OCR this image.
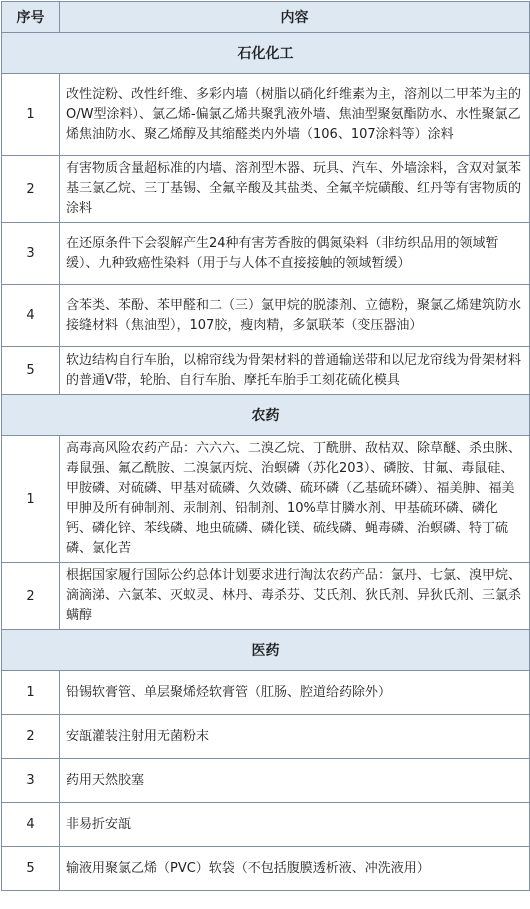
序号	内容
石化化工	
1	改性淀粉、改性纤维、多彩内墙（树脂以硝化纤维素为主，溶剂以二甲苯为主的O/W型涂料）、氯乙烯-偏氯乙烯共聚乳液外墙、焦油型聚氨酯防水、水性聚氯乙烯焦油防水、聚乙烯醇及其缩醛类内外墙（106、107涂料等）涂料
2	有害物质含量超标准的内墙、溶剂型木器、玩具、汽车、外墙涂料，含双对氯苯基三氯乙烷、三丁基锡、全氟辛酸及其盐类、全氟辛烷磺酸、红丹等有害物质的涂料
3	在还原条件下会裂解产生24种有害芳香胺的偶氮染料（非纺织品用的领域暂缓）、九种致癌性染料（用于与人体不直接接触的领域暂缓）
4	含苯类、苯酚、苯甲醛和二（三）氯甲烷的脱漆剂、立德粉，聚氯乙烯建筑防水接缝材料（焦油型），107胶，瘦肉精，多氯联苯（变压器油）
5	软边结构自行车胎，以棉帘线为骨架材料的普通输送带和以尼龙帘线为骨架材料的普通V带，轮胎、自行车胎、摩托车胎手工刻花硫化模具
农药	
1	高毒高风险农药产品：六六六、二溴乙烷、丁酰肼、敌枯双、除草醚、杀虫脒、毒鼠强、氟乙酰胺、二溴氯丙烷、治螟磷（苏化203）、磷胺、甘氟、毒鼠硅、甲胺磷、对硫磷、甲基对硫磷、久效磷、硫环磷（乙基硫环磷）、福美胂、福美甲胂及所有砷制剂、汞制剂、铅制剂、10%草甘膦水剂、甲基硫环磷、磷化钙、磷化锌、苯线磷、地虫硫磷、磷化镁、硫线磷、蝇毒磷、治螟磷、特丁硫磷、氯化苦
2	根据国家履行国际公约总体计划要求进行淘汰农药产品：氯丹、七氯、溴甲烷、滴滴涕、六氯苯、灭蚁灵、林丹、毒杀芬、艾氏剂、狄氏剂、异狄氏剂、三氯杀螨醇
医药	
1	铅锡软膏管、单层聚烯烃软膏管（肛肠、腔道给药除外）
2	安瓿灌装注射用无菌粉末
3	药用天然胶塞
4	非易折安瓿
5	输液用聚氯乙烯（PVC）软袋（不包括腹膜透析液、冲洗液用）
